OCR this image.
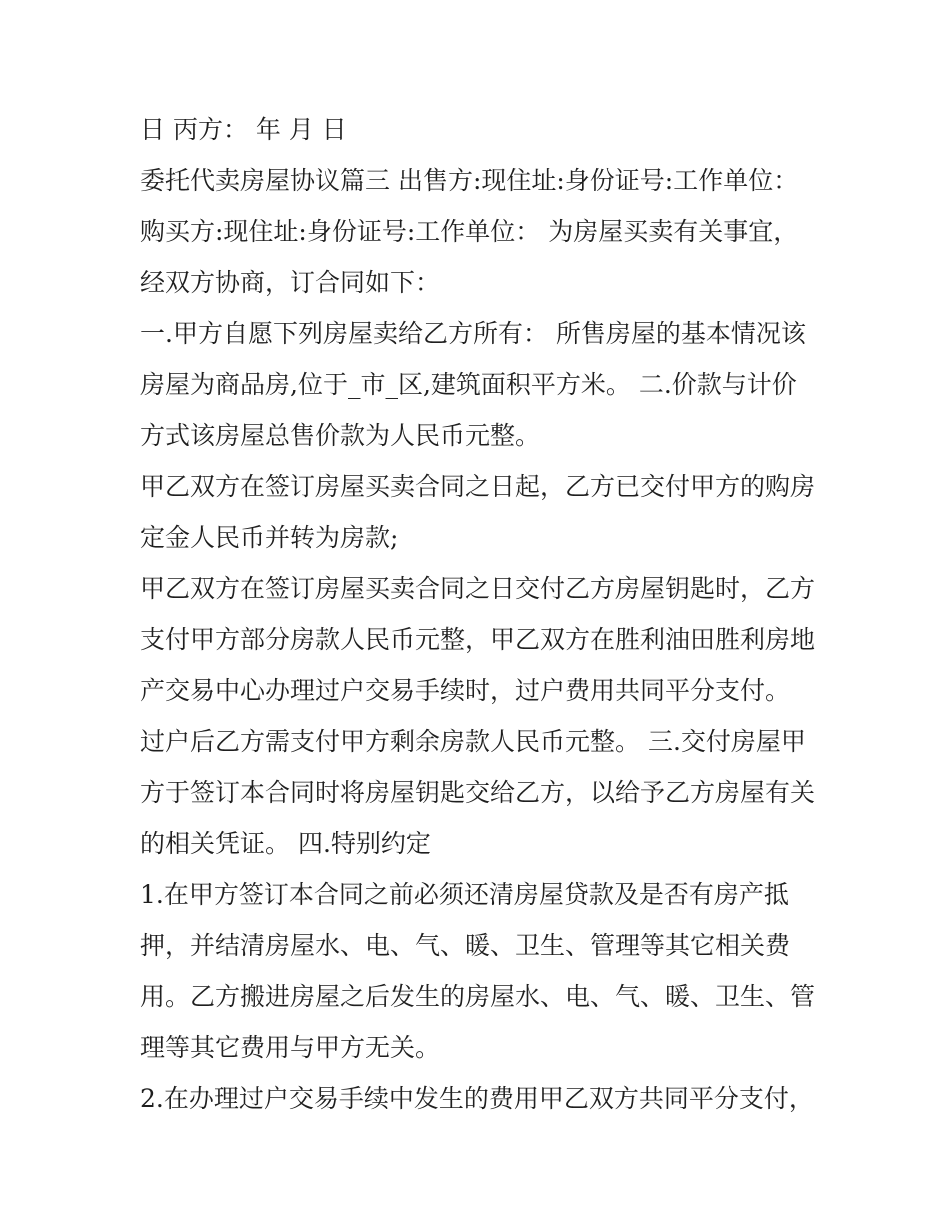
日 丙方： 年 月 日
委托代卖房屋协议篇三 出售方:现住址:身份证号:工作单位：
购买方:现住址:身份证号:工作单位： 为房屋买卖有关事宜，
经双方协商，订合同如下：
一.甲方自愿下列房屋卖给乙方所有： 所售房屋的基本情况该
房屋为商品房,位于_市_区,建筑面积平方米。 二.价款与计价
方式该房屋总售价款为人民币元整。
甲乙双方在签订房屋买卖合同之日起，乙方已交付甲方的购房
定金人民币并转为房款;
甲乙双方在签订房屋买卖合同之日交付乙方房屋钥匙时，乙方
支付甲方部分房款人民币元整，甲乙双方在胜利油田胜利房地
产交易中心办理过户交易手续时，过户费用共同平分支付。
过户后乙方需支付甲方剩余房款人民币元整。 三.交付房屋甲
方于签订本合同时将房屋钥匙交给乙方，以给予乙方房屋有关
的相关凭证。 四.特别约定
1.在甲方签订本合同之前必须还清房屋贷款及是否有房产抵
押，并结清房屋水、电、气、暖、卫生、管理等其它相关费
用。乙方搬进房屋之后发生的房屋水、电、气、暖、卫生、管
理等其它费用与甲方无关。
2.在办理过户交易手续中发生的费用甲乙双方共同平分支付，
